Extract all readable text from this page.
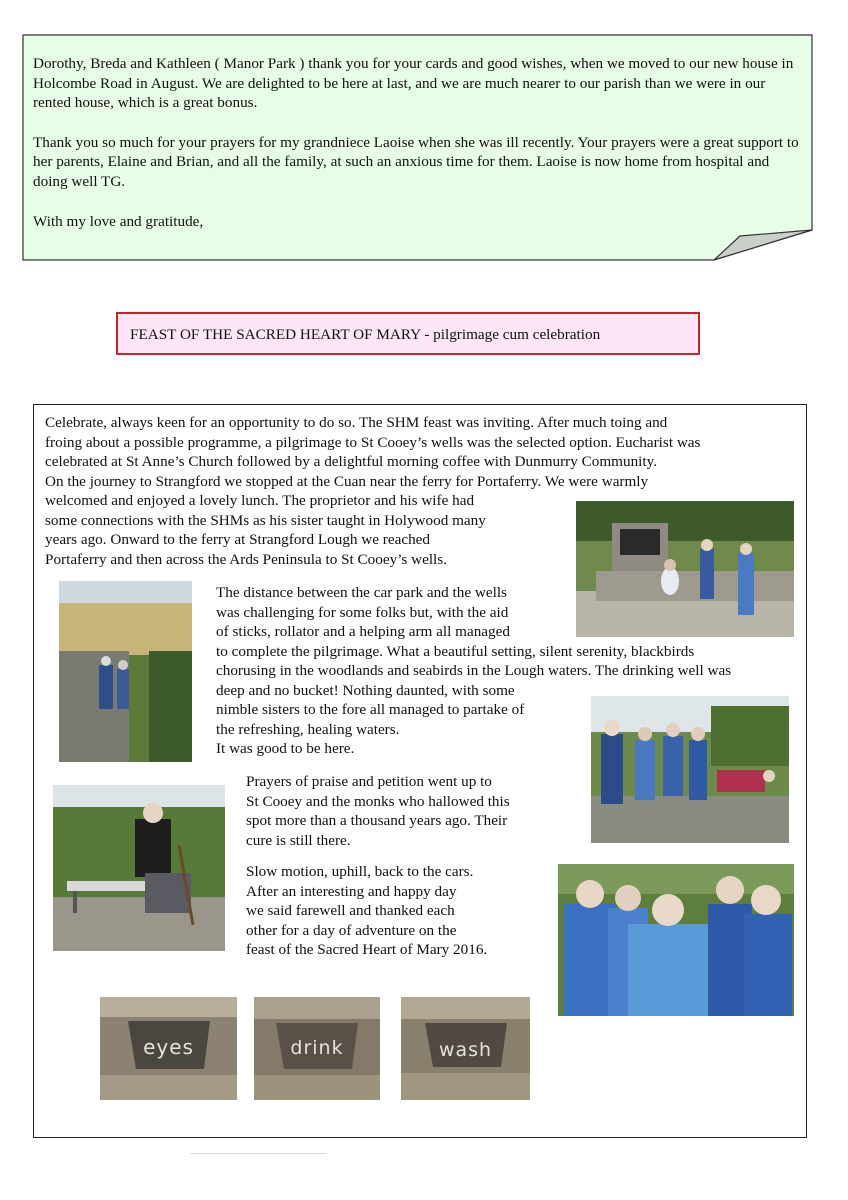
Dorothy, Breda and Kathleen ( Manor Park ) thank you for your cards and good wishes, when we moved to our new house in Holcombe Road in August. We are delighted to be here at last, and we are much nearer to our parish than we were in our rented house, which is a great bonus.

Thank you so much for your prayers for my grandniece Laoise when she was ill recently. Your prayers were a great support to her parents, Elaine and Brian, and all the family, at such an anxious time for them. Laoise is now home from hospital and doing well TG.

With my love and gratitude,

FEAST OF THE SACRED HEART OF MARY - pilgrimage cum celebration
Celebrate, always keen for an opportunity to do so. The SHM feast was inviting. After much toing and
froing about a possible programme, a pilgrimage to St Cooey’s wells was the selected option. Eucharist was
celebrated at St Anne’s Church followed by a delightful morning coffee with Dunmurry Community.
On the journey to Strangford we stopped at the Cuan near the ferry for Portaferry. We were warmly
welcomed and enjoyed a lovely lunch. The proprietor and his wife had
some connections with the SHMs as his sister taught in Holywood many
years ago. Onward to the ferry at Strangford Lough we reached
Portaferry and then across the Ards Peninsula to St Cooey’s wells.
The distance between the car park and the wells
was challenging for some folks but, with the aid
of sticks, rollator and a helping arm all managed
to complete the pilgrimage. What a beautiful setting, silent serenity, blackbirds
chorusing in the woodlands and seabirds in the Lough waters. The drinking well was
deep and no bucket! Nothing daunted, with some
nimble sisters to the fore all managed to partake of
the refreshing, healing waters.
It was good to be here.
Prayers of praise and petition went up to
St Cooey and the monks who hallowed this
spot more than a thousand years ago. Their
cure is still there.
Slow motion, uphill, back to the cars.
After an interesting and happy day
we said farewell and thanked each
other for a day of adventure on the
feast of the Sacred Heart of Mary 2016.
eyes	drink	wash
